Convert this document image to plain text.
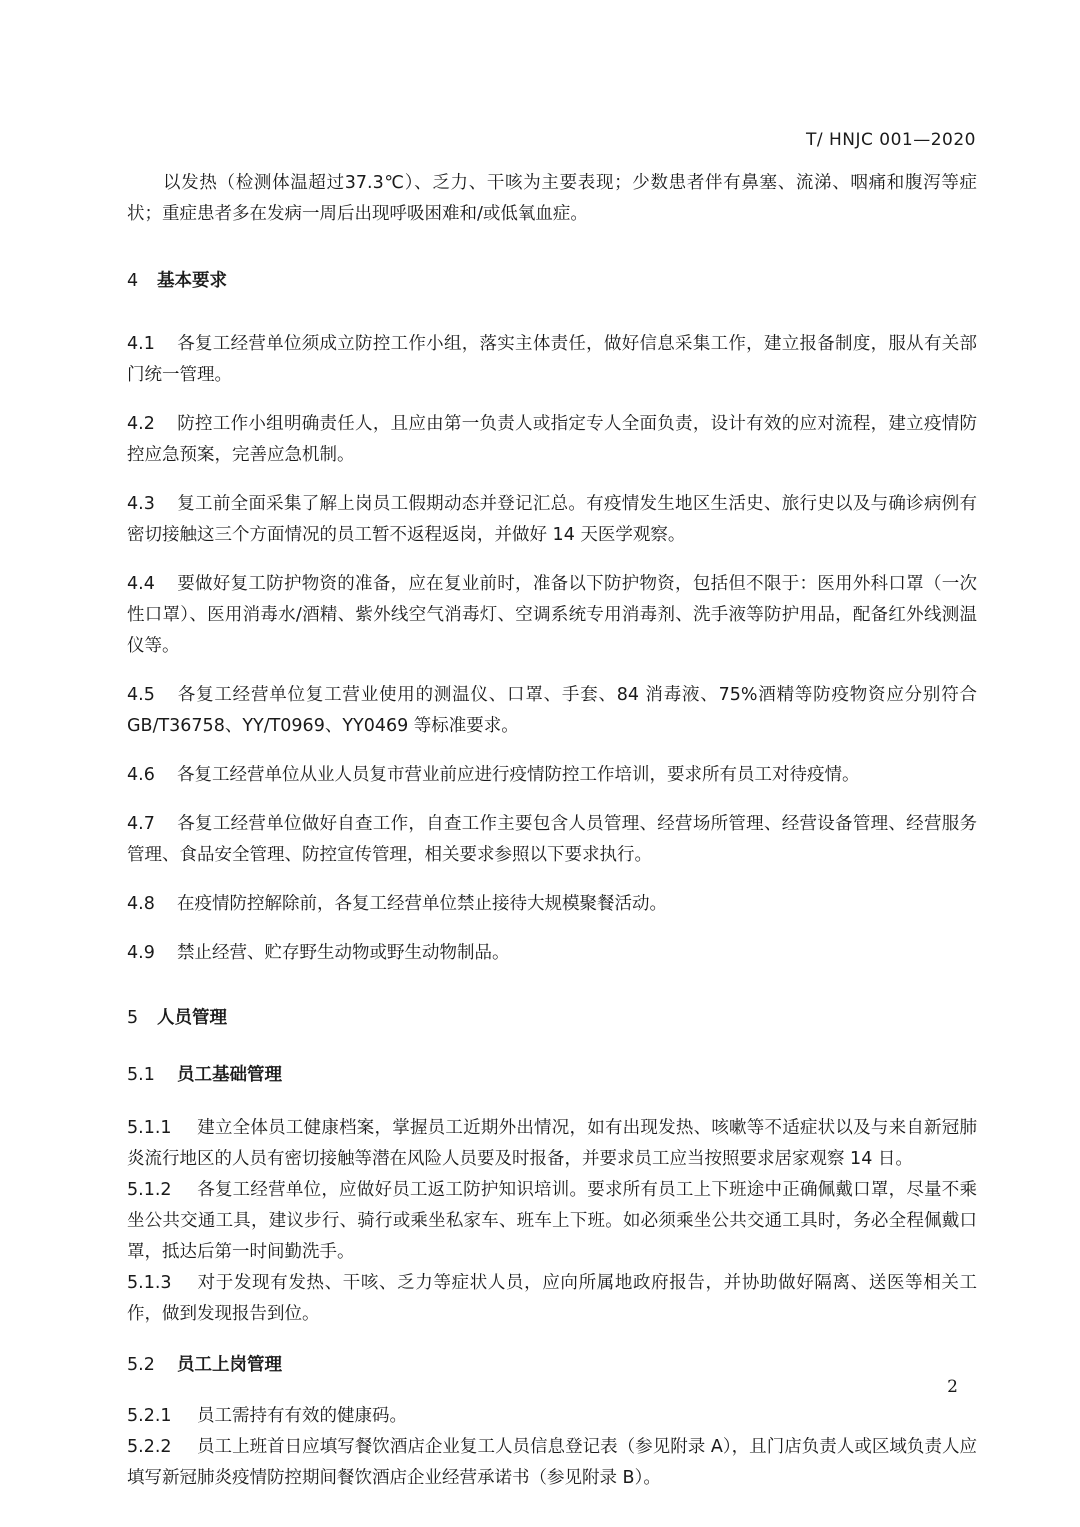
T/ HNJC 001—2020

以发热（检测体温超过37.3℃）、乏力、干咳为主要表现；少数患者伴有鼻塞、流涕、咽痛和腹泻等症状；重症患者多在发病一周后出现呼吸困难和/或低氧血症。

4 基本要求

4.1 各复工经营单位须成立防控工作小组，落实主体责任，做好信息采集工作，建立报备制度，服从有关部门统一管理。

4.2 防控工作小组明确责任人，且应由第一负责人或指定专人全面负责，设计有效的应对流程，建立疫情防控应急预案，完善应急机制。

4.3 复工前全面采集了解上岗员工假期动态并登记汇总。有疫情发生地区生活史、旅行史以及与确诊病例有密切接触这三个方面情况的员工暂不返程返岗，并做好 14 天医学观察。

4.4 要做好复工防护物资的准备，应在复业前时，准备以下防护物资，包括但不限于：医用外科口罩（一次性口罩）、医用消毒水/酒精、紫外线空气消毒灯、空调系统专用消毒剂、洗手液等防护用品，配备红外线测温仪等。

4.5 各复工经营单位复工营业使用的测温仪、口罩、手套、84 消毒液、75%酒精等防疫物资应分别符合 GB/T36758、YY/T0969、YY0469 等标准要求。

4.6 各复工经营单位从业人员复市营业前应进行疫情防控工作培训，要求所有员工对待疫情。

4.7 各复工经营单位做好自查工作，自查工作主要包含人员管理、经营场所管理、经营设备管理、经营服务管理、食品安全管理、防控宣传管理，相关要求参照以下要求执行。

4.8 在疫情防控解除前，各复工经营单位禁止接待大规模聚餐活动。

4.9 禁止经营、贮存野生动物或野生动物制品。

5 人员管理

5.1 员工基础管理

5.1.1 建立全体员工健康档案，掌握员工近期外出情况，如有出现发热、咳嗽等不适症状以及与来自新冠肺炎流行地区的人员有密切接触等潜在风险人员要及时报备，并要求员工应当按照要求居家观察 14 日。

5.1.2 各复工经营单位，应做好员工返工防护知识培训。要求所有员工上下班途中正确佩戴口罩，尽量不乘坐公共交通工具，建议步行、骑行或乘坐私家车、班车上下班。如必须乘坐公共交通工具时，务必全程佩戴口罩，抵达后第一时间勤洗手。

5.1.3 对于发现有发热、干咳、乏力等症状人员，应向所属地政府报告，并协助做好隔离、送医等相关工作，做到发现报告到位。

5.2 员工上岗管理

5.2.1 员工需持有有效的健康码。

5.2.2 员工上班首日应填写餐饮酒店企业复工人员信息登记表（参见附录 A），且门店负责人或区域负责人应填写新冠肺炎疫情防控期间餐饮酒店企业经营承诺书（参见附录 B）。

2
